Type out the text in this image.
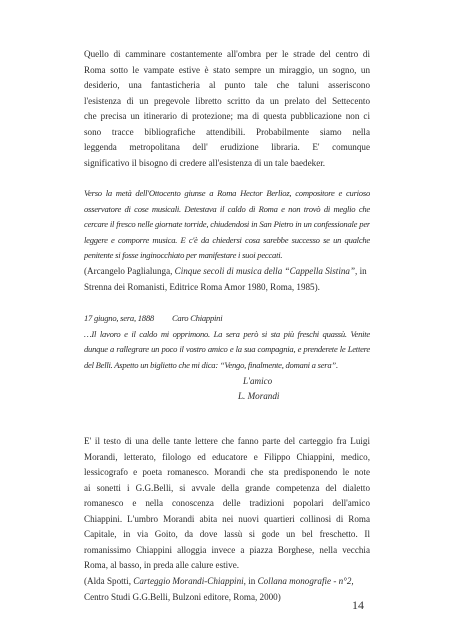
Quello di camminare costantemente all'ombra per le strade del centro di
Roma sotto le vampate estive è stato sempre un miraggio, un sogno, un
desiderio, una fantasticheria al punto tale che taluni asseriscono
l'esistenza di un pregevole libretto scritto da un prelato del Settecento
che precisa un itinerario di protezione; ma di questa pubblicazione non ci
sono tracce bibliografiche attendibili. Probabilmente siamo nella
leggenda metropolitana dell' erudizione libraria. E' comunque
significativo il bisogno di credere all'esistenza di un tale baedeker.
Verso la metà dell'Ottocento giunse a Roma Hector Berlioz, compositore e curioso
osservatore di cose musicali. Detestava il caldo di Roma e non trovò di meglio che
cercare il fresco nelle giornate torride, chiudendosi in San Pietro in un confessionale per
leggere e comporre musica. E c'è da chiedersi cosa sarebbe successo se un qualche
penitente si fosse inginocchiato per manifestare i suoi peccati.
(Arcangelo Paglialunga, Cinque secoli di musica della “Cappella Sistina”, in
Strenna dei Romanisti, Editrice Roma Amor 1980, Roma, 1985).
17 giugno, sera, 1888 Caro Chiappini
…Il lavoro e il caldo mi opprimono. La sera però si sta più freschi quassù. Venite
dunque a rallegrare un poco il vostro amico e la sua compagnia, e prenderete le Lettere
del Belli. Aspetto un biglietto che mi dica: “Vengo, finalmente, domani a sera”.
L'amico
L. Morandi
E' il testo di una delle tante lettere che fanno parte del carteggio fra Luigi
Morandi, letterato, filologo ed educatore e Filippo Chiappini, medico,
lessicografo e poeta romanesco. Morandi che sta predisponendo le note
ai sonetti i G.G.Belli, si avvale della grande competenza del dialetto
romanesco e nella conoscenza delle tradizioni popolari dell'amico
Chiappini. L'umbro Morandi abita nei nuovi quartieri collinosi di Roma
Capitale, in via Goito, da dove lassù si gode un bel freschetto. Il
romanissimo Chiappini alloggia invece a piazza Borghese, nella vecchia
Roma, al basso, in preda alle calure estive.
(Alda Spotti, Carteggio Morandi-Chiappini, in Collana monografie - n°2,
Centro Studi G.G.Belli, Bulzoni editore, Roma, 2000)
14
